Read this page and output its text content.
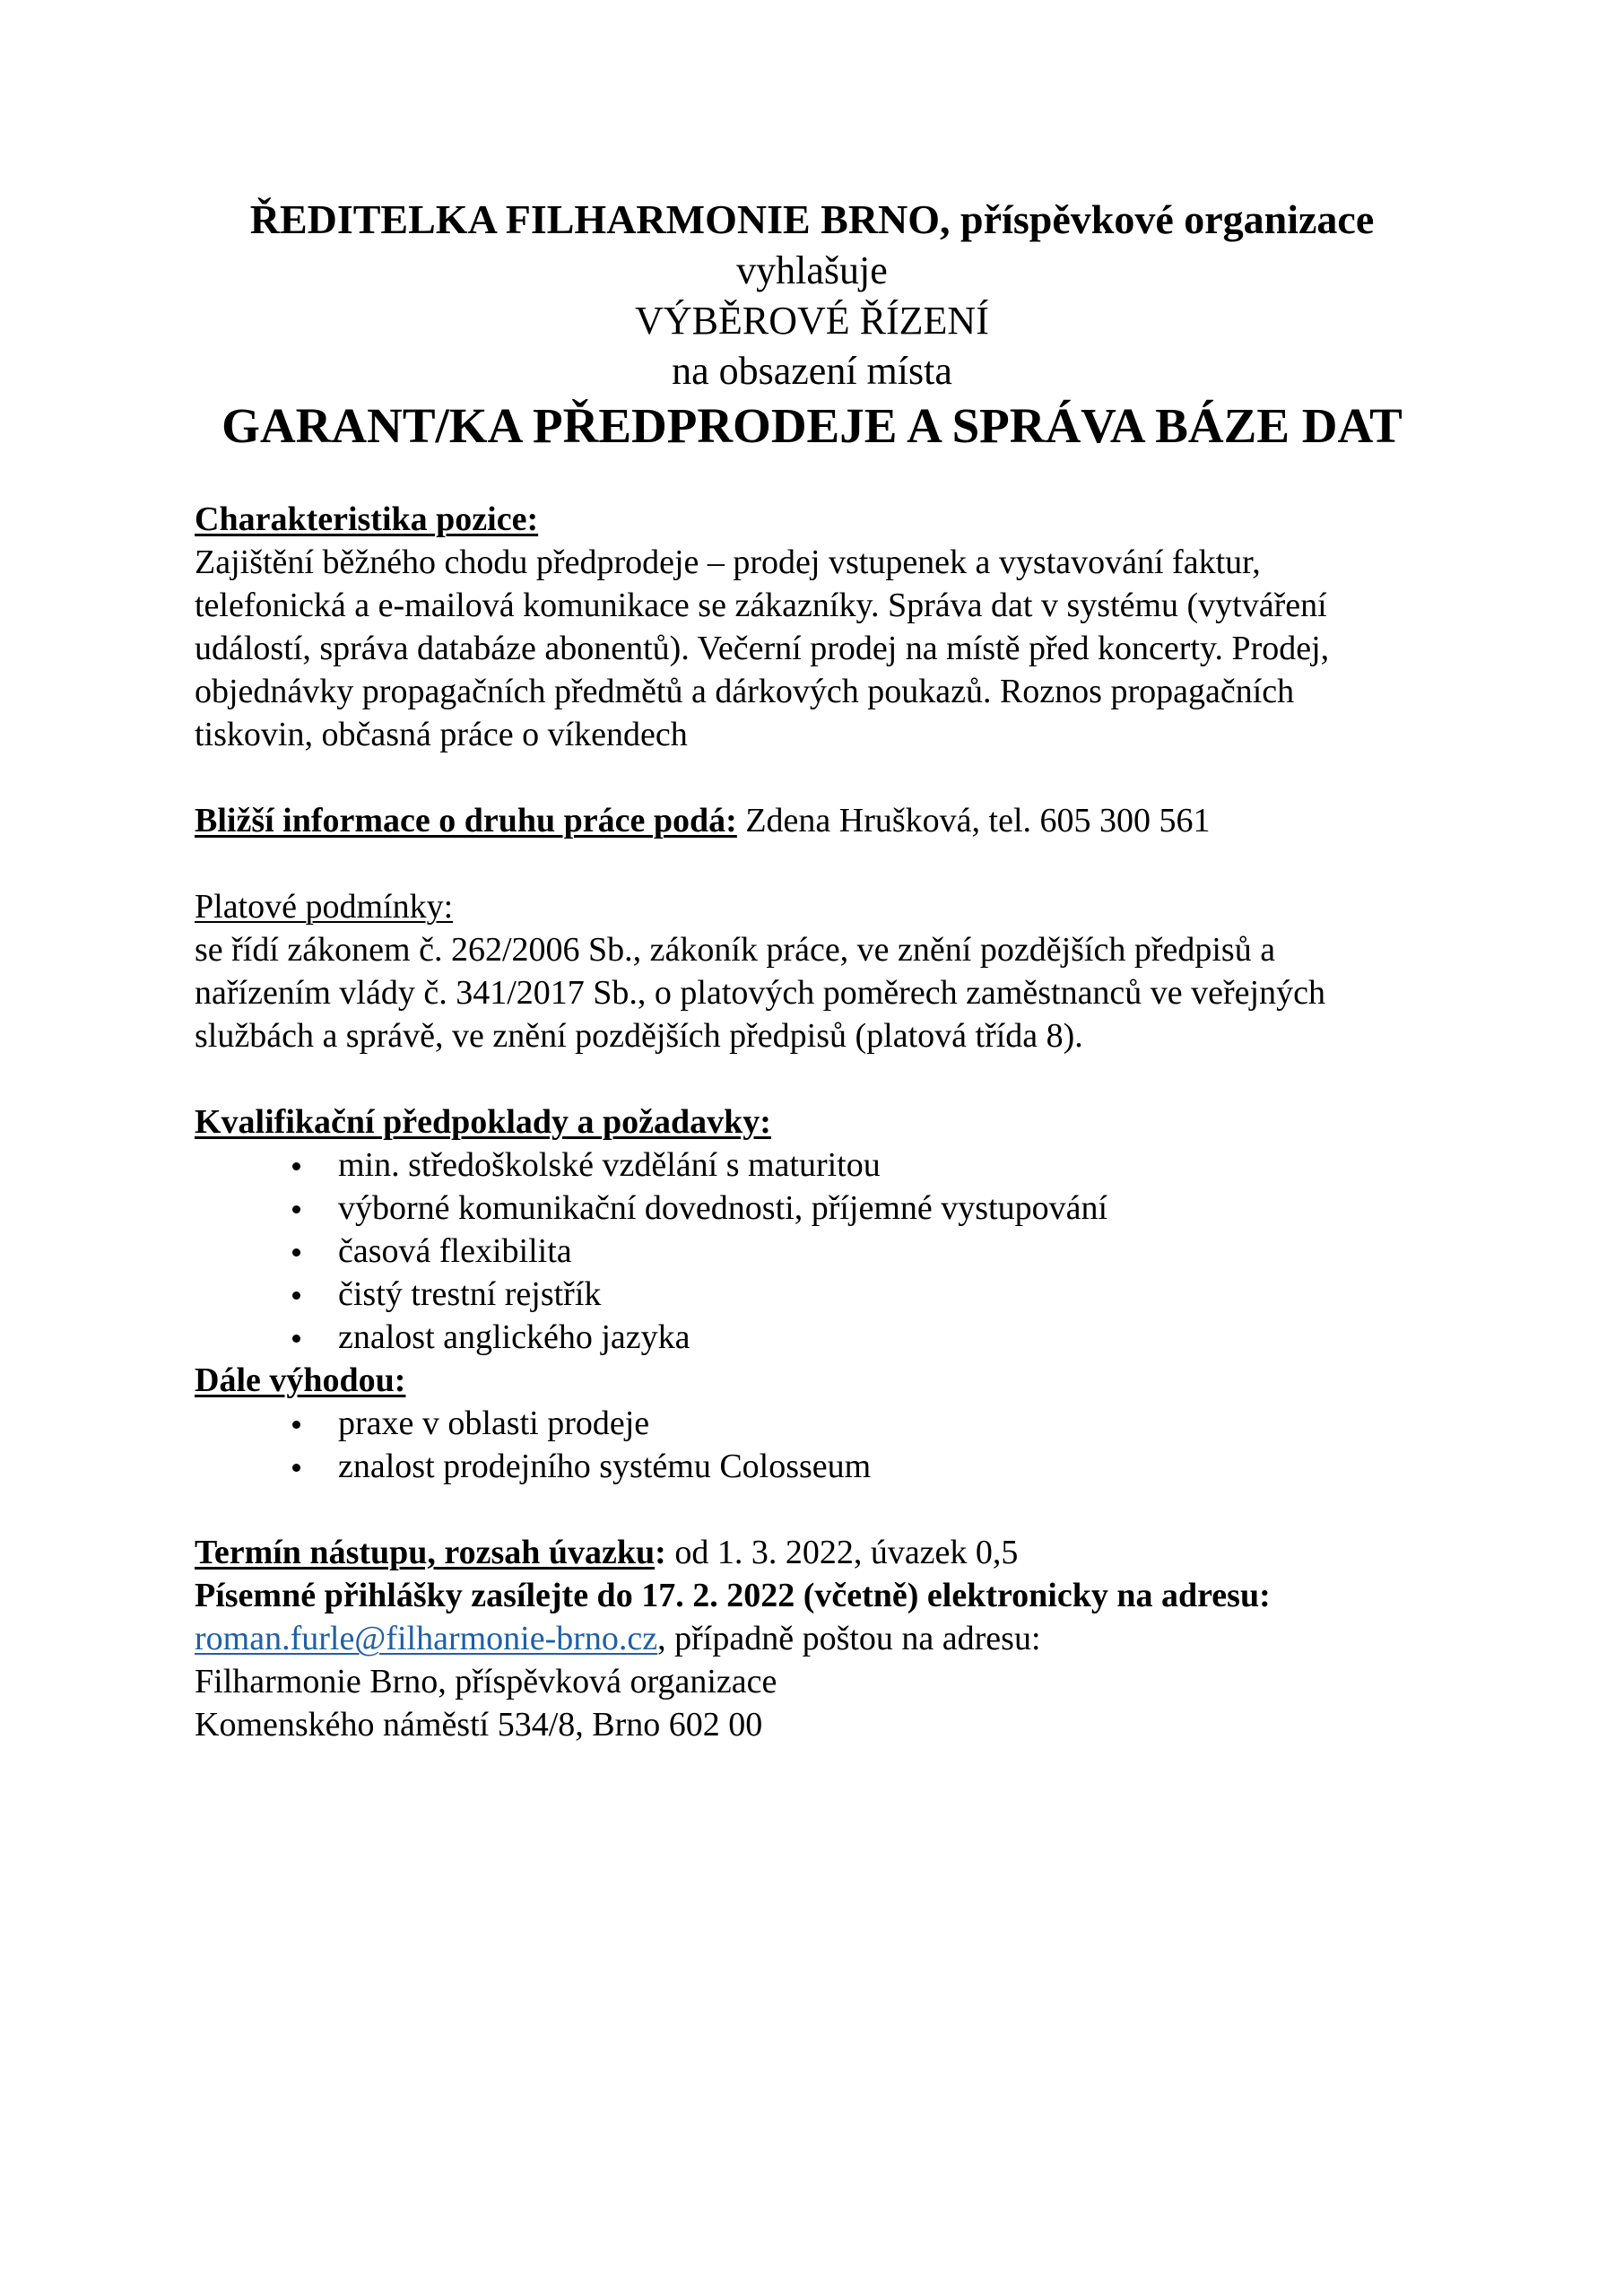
ŘEDITELKA FILHARMONIE BRNO, příspěvkové organizace
vyhlašuje
VÝBĚROVÉ ŘÍZENÍ
na obsazení místa
GARANT/KA PŘEDPRODEJE A SPRÁVA BÁZE DAT

Charakteristika pozice:

Zajištění běžného chodu předprodeje – prodej vstupenek a vystavování faktur,

telefonická a e-mailová komunikace se zákazníky. Správa dat v systému (vytváření

událostí, správa databáze abonentů). Večerní prodej na místě před koncerty. Prodej,

objednávky propagačních předmětů a dárkových poukazů. Roznos propagačních

tiskovin, občasná práce o víkendech

Bližší informace o druhu práce podá: Zdena Hrušková, tel. 605 300 561

Platové podmínky:

se řídí zákonem č. 262/2006 Sb., zákoník práce, ve znění pozdějších předpisů a

nařízením vlády č. 341/2017 Sb., o platových poměrech zaměstnanců ve veřejných

službách a správě, ve znění pozdějších předpisů (platová třída 8).

Kvalifikační předpoklady a požadavky:

min. středoškolské vzdělání s maturitou
výborné komunikační dovednosti, příjemné vystupování
časová flexibilita
čistý trestní rejstřík
znalost anglického jazyka

Dále výhodou:

praxe v oblasti prodeje
znalost prodejního systému Colosseum

Termín nástupu, rozsah úvazku: od 1. 3. 2022, úvazek 0,5

Písemné přihlášky zasílejte do 17. 2. 2022 (včetně) elektronicky na adresu:

roman.furle@filharmonie-brno.cz, případně poštou na adresu:

Filharmonie Brno, příspěvková organizace

Komenského náměstí 534/8, Brno 602 00
